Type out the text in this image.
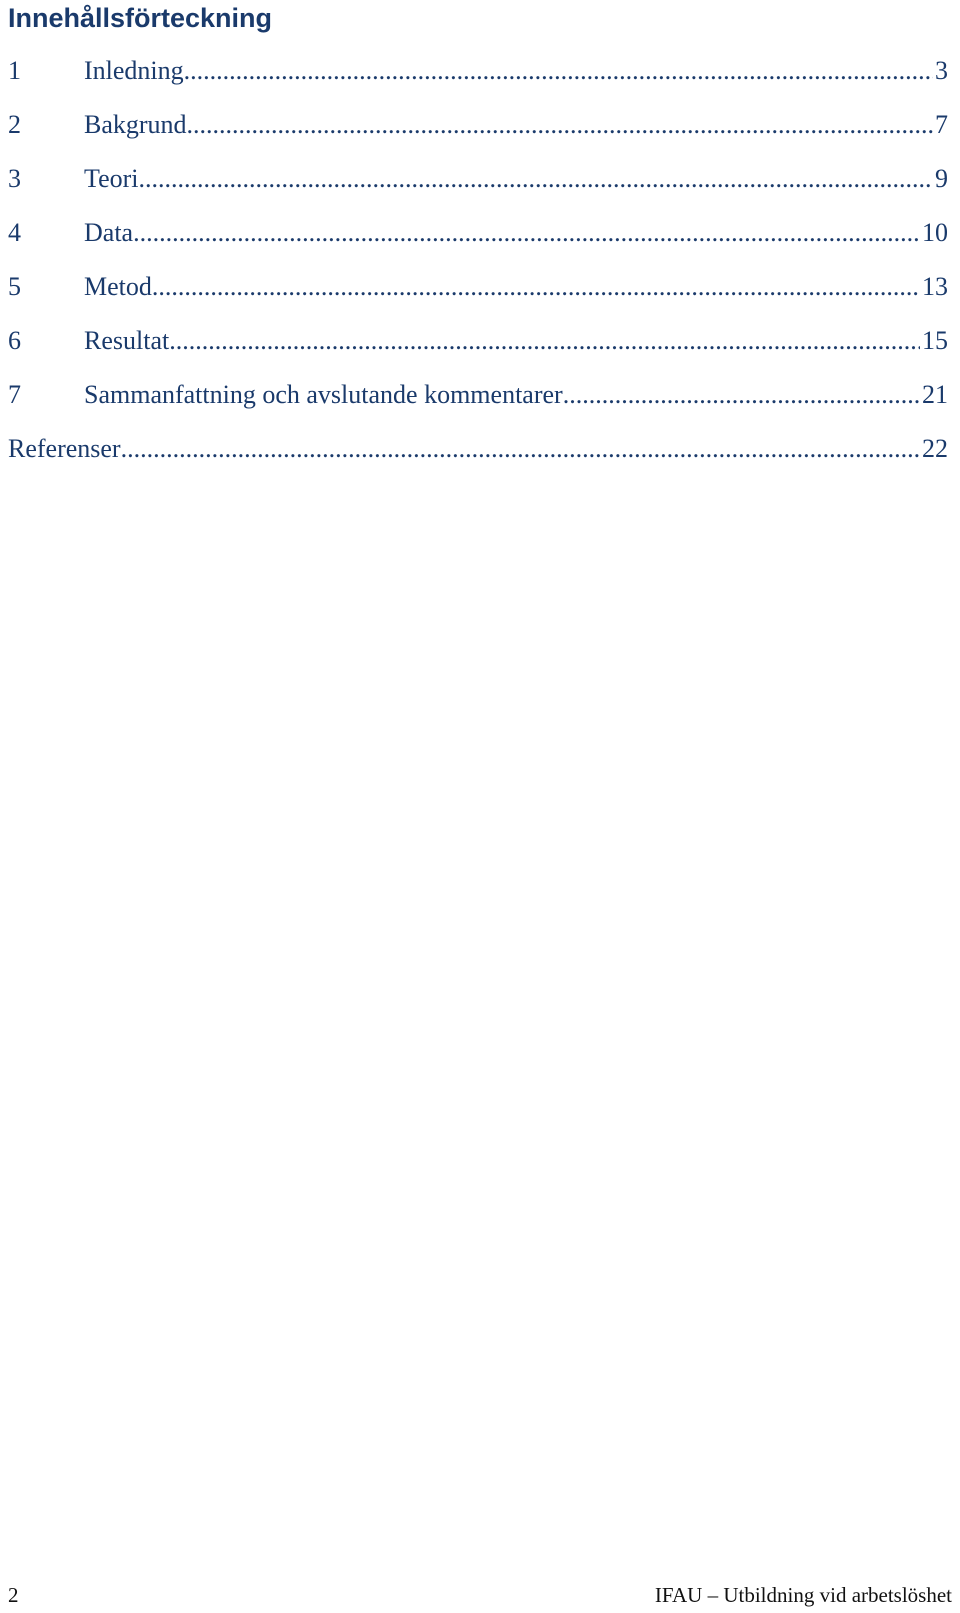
Innehållsförteckning
1	Inledning .....	3
2	Bakgrund .....	7
3	Teori .....	9
4	Data .....	10
5	Metod .....	13
6	Resultat .....	15
7	Sammanfattning och avslutande kommentarer .....	21
Referenser .....	22
2	IFAU – Utbildning vid arbetslöshet
